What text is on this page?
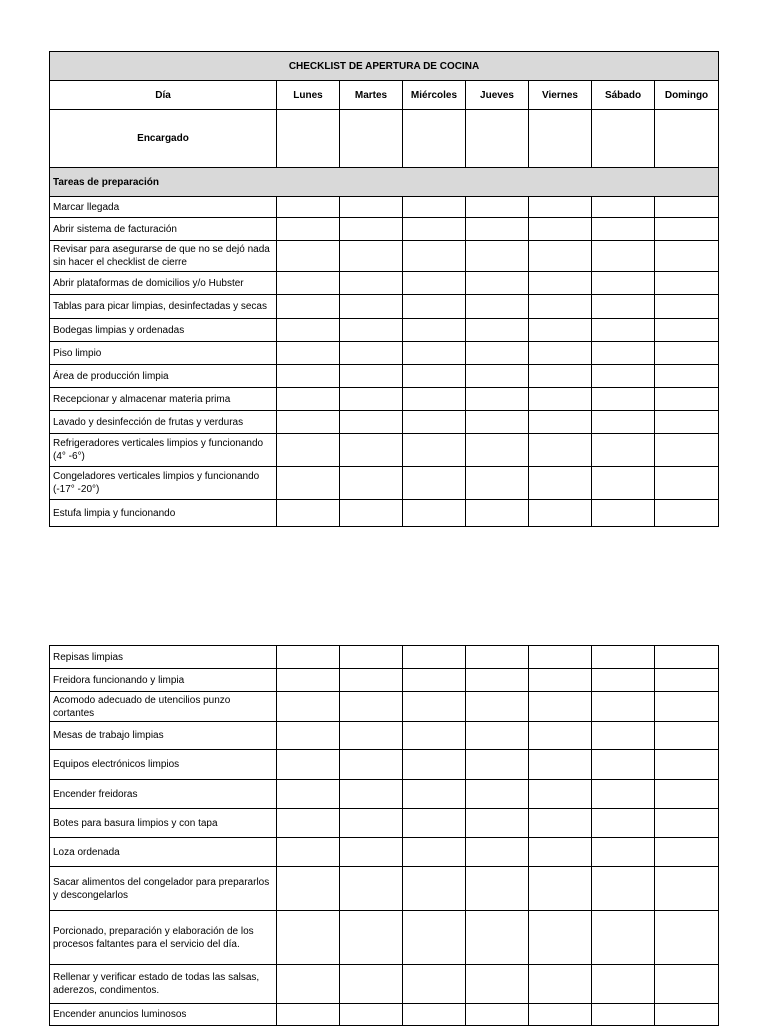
CHECKLIST DE APERTURA DE COCINA							
Día	Lunes	Martes	Miércoles	Jueves	Viernes	Sábado	Domingo
Encargado							
Tareas de preparación							
Marcar llegada							
Abrir sistema de facturación							
Revisar para asegurarse de que no se dejó nada sin hacer el checklist de cierre							
Abrir plataformas de domicilios y/o Hubster							
Tablas para picar limpias, desinfectadas y secas							
Bodegas limpias y ordenadas							
Piso limpio							
Área de producción limpia							
Recepcionar y almacenar materia prima							
Lavado y desinfección de frutas y verduras							
Refrigeradores verticales limpios y funcionando (4° -6°)							
Congeladores verticales limpios y funcionando (-17° -20°)							
Estufa limpia y funcionando							
Repisas limpias							
Freidora funcionando y limpia							
Acomodo adecuado de utencilios punzo cortantes							
Mesas de trabajo limpias							
Equipos electrónicos limpios							
Encender freidoras							
Botes para basura limpios y con tapa							
Loza ordenada							
Sacar alimentos del congelador para prepararlos y descongelarlos							
Porcionado, preparación y elaboración de los procesos faltantes para el servicio del día.							
Rellenar y verificar estado de todas las salsas, aderezos, condimentos.							
Encender anuncios luminosos							
